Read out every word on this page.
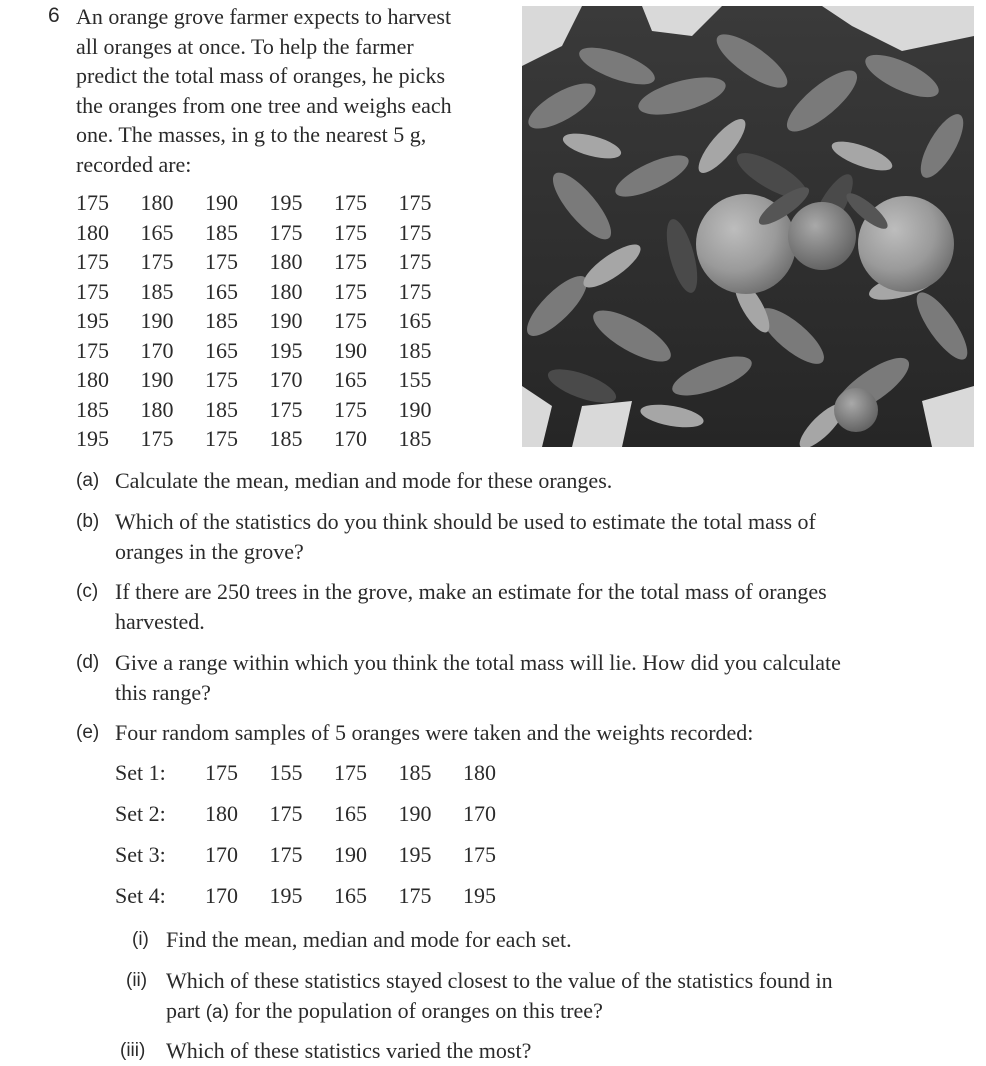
6 An orange grove farmer expects to harvest
all oranges at once. To help the farmer
predict the total mass of oranges, he picks
the oranges from one tree and weighs each
one. The masses, in g to the nearest 5 g,
recorded are:
175	180	190	195	175	175
180	165	185	175	175	175
175	175	175	180	175	175
175	185	165	180	175	175
195	190	185	190	175	165
175	170	165	195	190	185
180	190	175	170	165	155
185	180	185	175	175	190
195	175	175	185	170	185
(a) Calculate the mean, median and mode for these oranges.
(b) Which of the statistics do you think should be used to estimate the total mass of
oranges in the grove?
(c) If there are 250 trees in the grove, make an estimate for the total mass of oranges
harvested.
(d) Give a range within which you think the total mass will lie. How did you calculate
this range?
(e) Four random samples of 5 oranges were taken and the weights recorded:
Set 1:	175	155	175	185	180
Set 2:	180	175	165	190	170
Set 3:	170	175	190	195	175
Set 4:	170	195	165	175	195
(i) Find the mean, median and mode for each set.
(ii) Which of these statistics stayed closest to the value of the statistics found in
part (a) for the population of oranges on this tree?
(iii) Which of these statistics varied the most?
